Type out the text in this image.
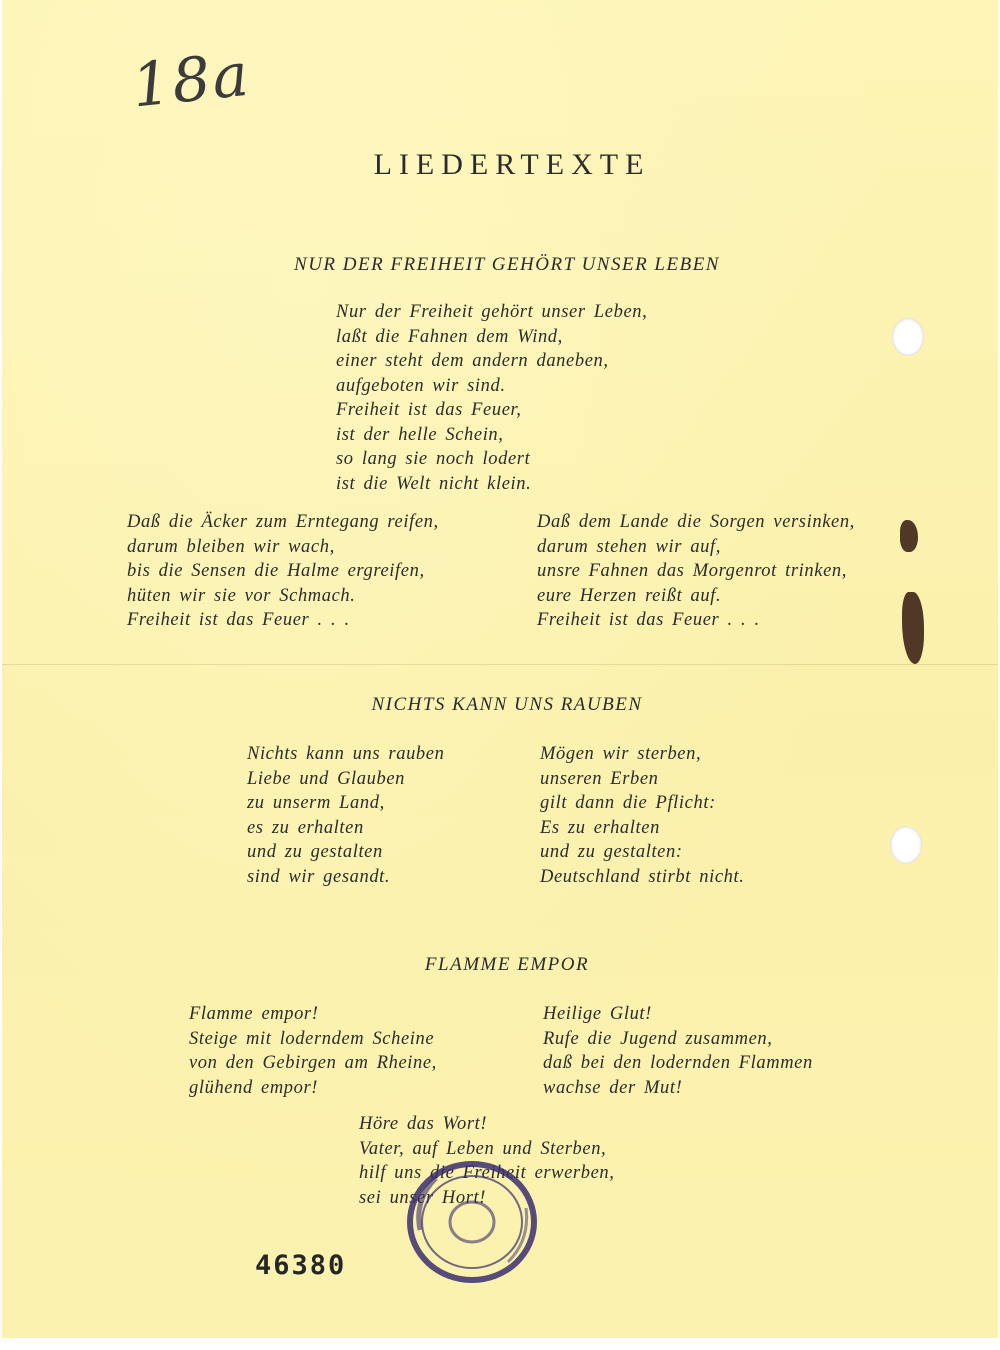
18a
LIEDERTEXTE
NUR DER FREIHEIT GEHÖRT UNSER LEBEN
Nur der Freiheit gehört unser Leben,
laßt die Fahnen dem Wind,
einer steht dem andern daneben,
aufgeboten wir sind.
Freiheit ist das Feuer,
ist der helle Schein,
so lang sie noch lodert
ist die Welt nicht klein.
Daß die Äcker zum Erntegang reifen,
darum bleiben wir wach,
bis die Sensen die Halme ergreifen,
hüten wir sie vor Schmach.
Freiheit ist das Feuer . . .
Daß dem Lande die Sorgen versinken,
darum stehen wir auf,
unsre Fahnen das Morgenrot trinken,
eure Herzen reißt auf.
Freiheit ist das Feuer . . .
NICHTS KANN UNS RAUBEN
Nichts kann uns rauben
Liebe und Glauben
zu unserm Land,
es zu erhalten
und zu gestalten
sind wir gesandt.
Mögen wir sterben,
unseren Erben
gilt dann die Pflicht:
Es zu erhalten
und zu gestalten:
Deutschland stirbt nicht.
FLAMME EMPOR
Flamme empor!
Steige mit loderndem Scheine
von den Gebirgen am Rheine,
glühend empor!
Heilige Glut!
Rufe die Jugend zusammen,
daß bei den lodernden Flammen
wachse der Mut!
Höre das Wort!
Vater, auf Leben und Sterben,
hilf uns die Freiheit erwerben,
sei unser Hort!
46380
